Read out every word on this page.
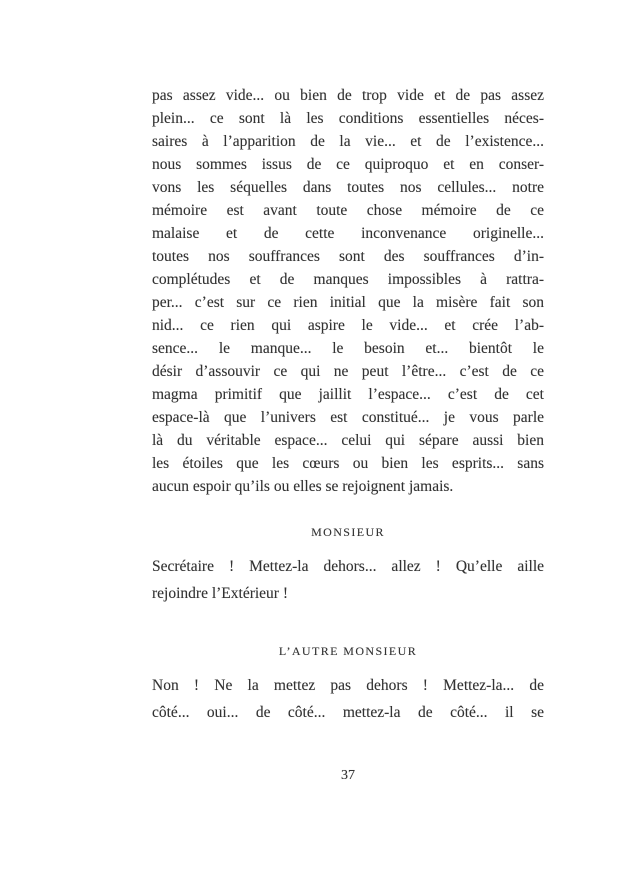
pas assez vide... ou bien de trop vide et de pas assez
plein... ce sont là les conditions essentielles néces-
saires à l’apparition de la vie... et de l’existence...
nous sommes issus de ce quiproquo et en conser-
vons les séquelles dans toutes nos cellules... notre
mémoire est avant toute chose mémoire de ce
malaise et de cette inconvenance originelle...
toutes nos souffrances sont des souffrances d’in-
complétudes et de manques impossibles à rattra-
per... c’est sur ce rien initial que la misère fait son
nid... ce rien qui aspire le vide... et crée l’ab-
sence... le manque... le besoin et... bientôt le
désir d’assouvir ce qui ne peut l’être... c’est de ce
magma primitif que jaillit l’espace... c’est de cet
espace-là que l’univers est constitué... je vous parle
là du véritable espace... celui qui sépare aussi bien
les étoiles que les cœurs ou bien les esprits... sans
aucun espoir qu’ils ou elles se rejoignent jamais.
MONSIEUR
Secrétaire ! Mettez-la dehors... allez ! Qu’elle aille
rejoindre l’Extérieur !
L’AUTRE MONSIEUR
Non ! Ne la mettez pas dehors ! Mettez-la... de
côté... oui... de côté... mettez-la de côté... il se
37
